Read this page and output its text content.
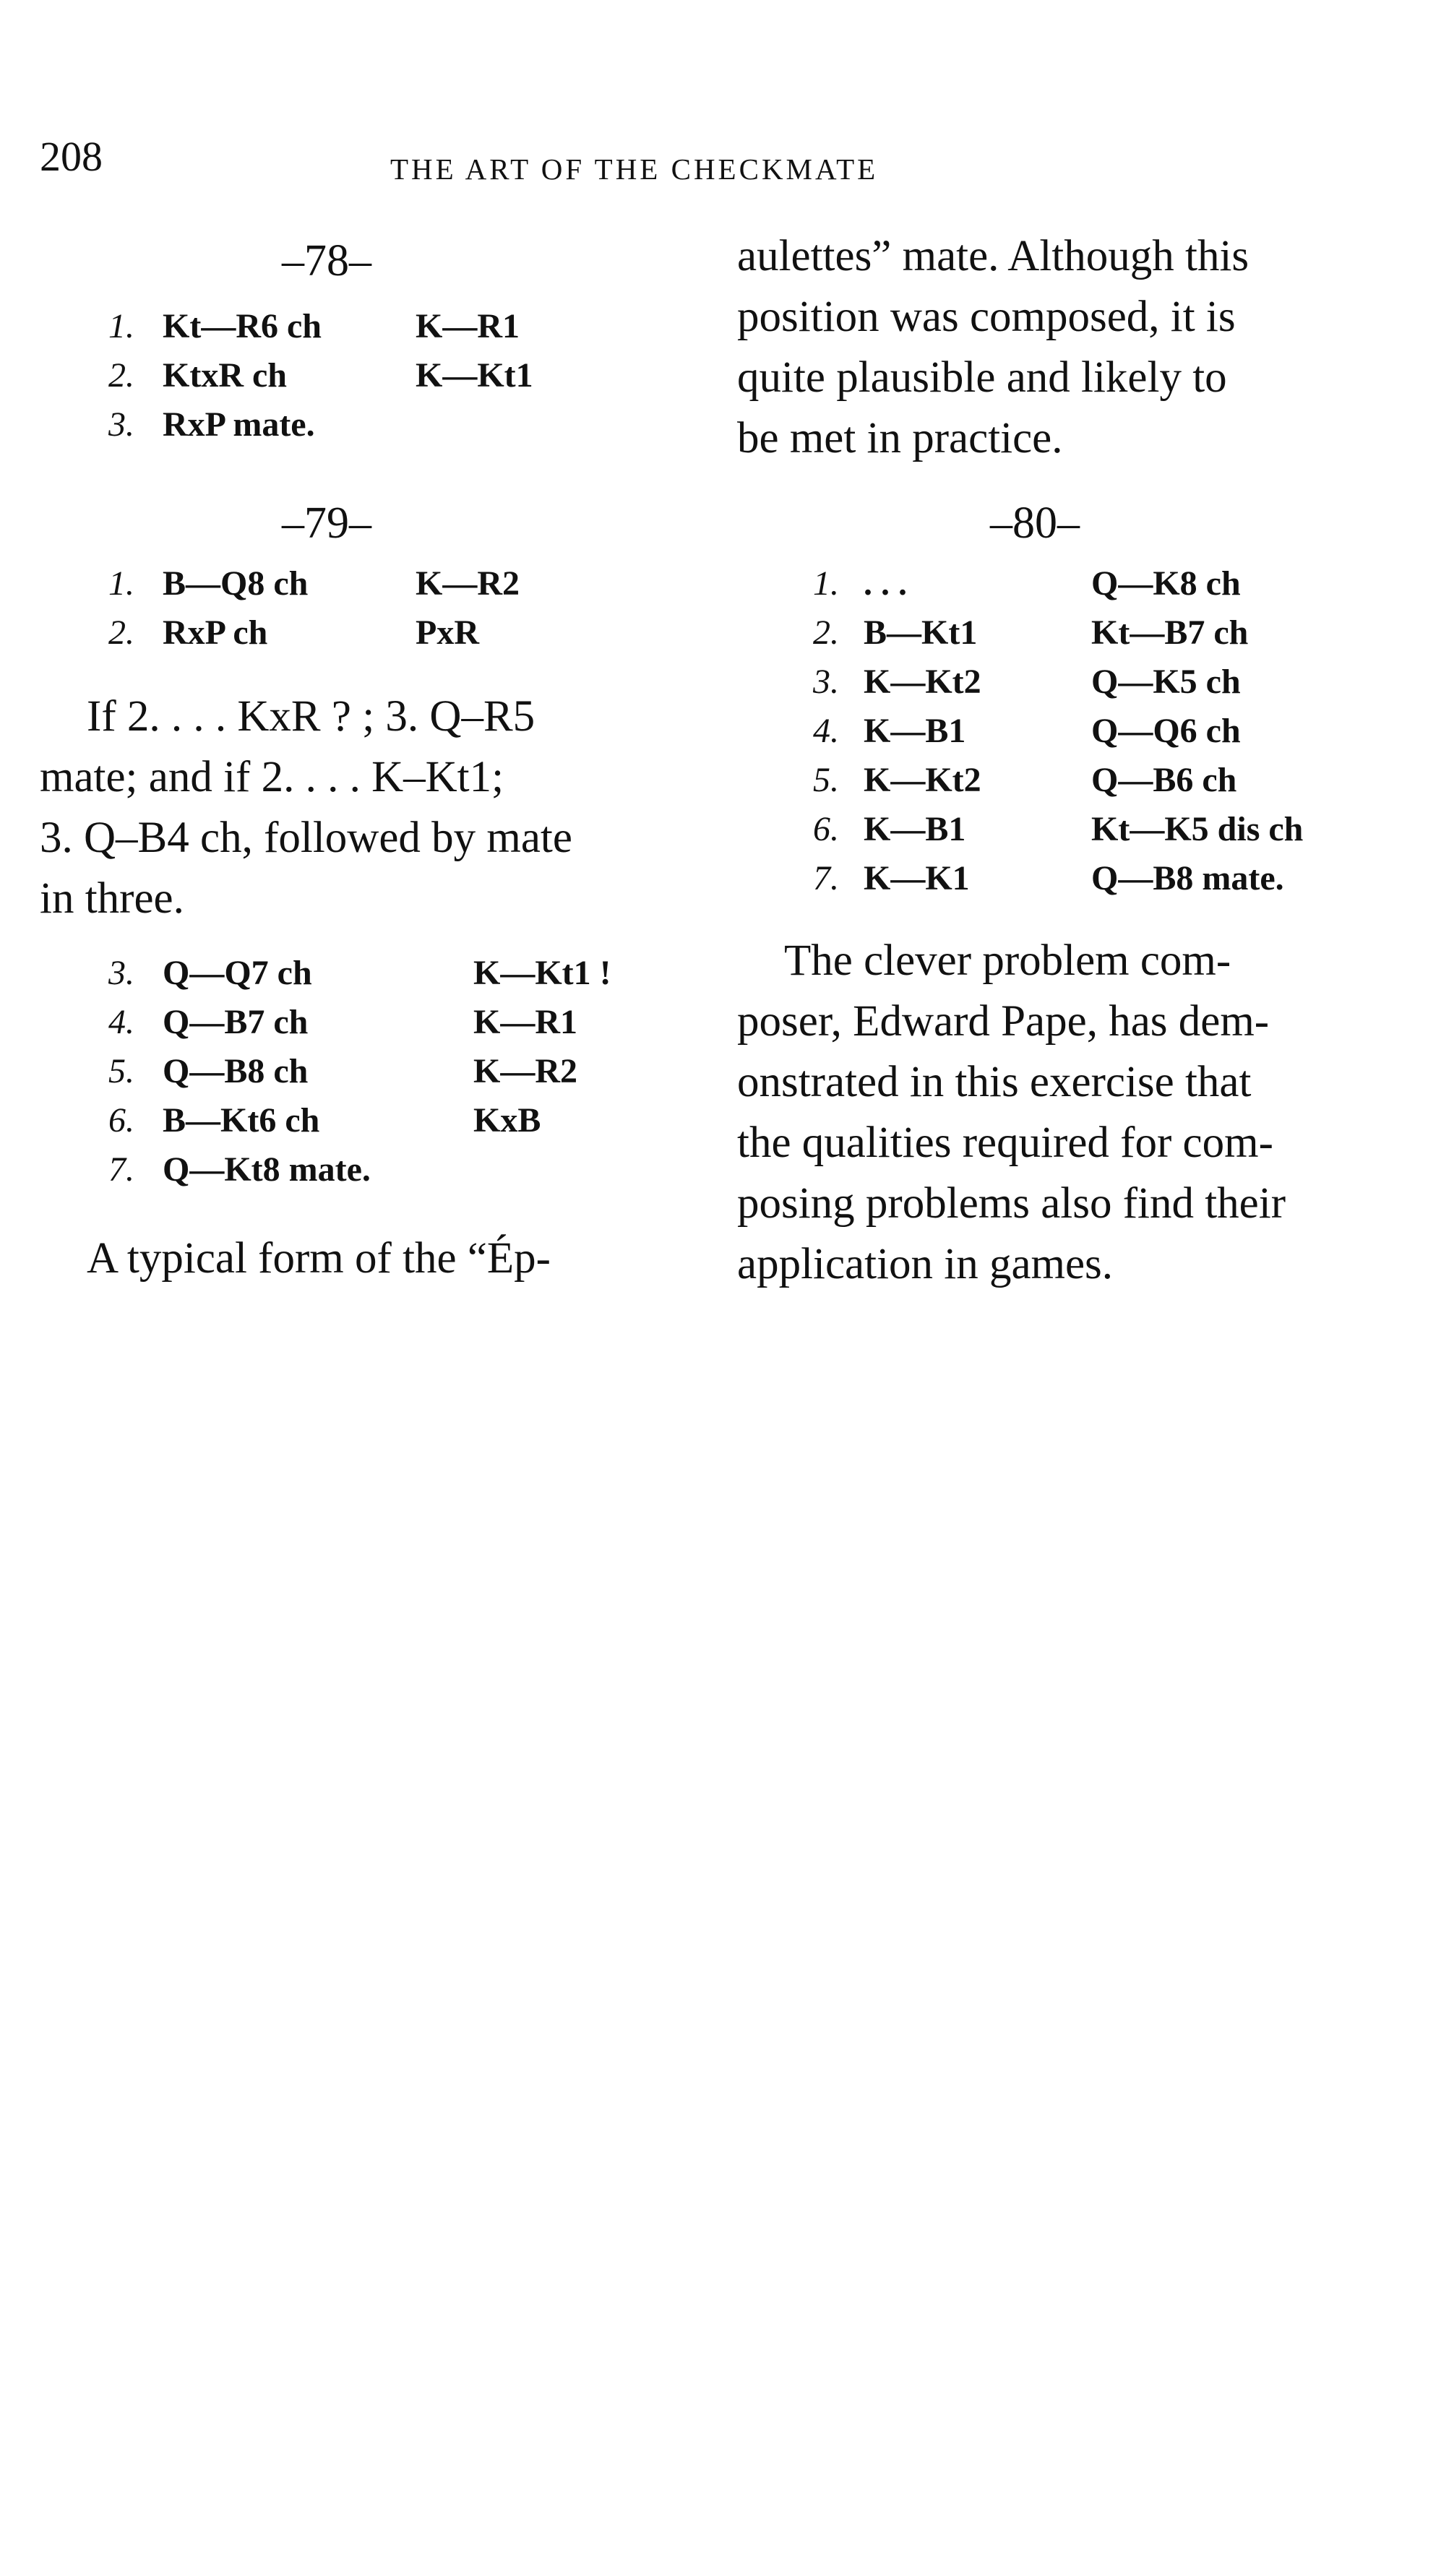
208	THE ART OF THE CHECKMATE
–78–
1. Kt—R6 ch	K—R1
2. KtxR ch	K—Kt1
3. RxP mate.
–79–
1. B—Q8 ch	K—R2
2. RxP ch	PxR
If 2. . . . KxR ? ; 3. Q–R5
mate; and if 2. . . . K–Kt1;
3. Q–B4 ch, followed by mate
in three.
3. Q—Q7 ch	K—Kt1 !
4. Q—B7 ch	K—R1
5. Q—B8 ch	K—R2
6. B—Kt6 ch	KxB
7. Q—Kt8 mate.
A typical form of the “Ép-
aulettes” mate. Although this
position was composed, it is
quite plausible and likely to
be met in practice.
–80–
1. . . .	Q—K8 ch
2. B—Kt1	Kt—B7 ch
3. K—Kt2	Q—K5 ch
4. K—B1	Q—Q6 ch
5. K—Kt2	Q—B6 ch
6. K—B1	Kt—K5 dis ch
7. K—K1	Q—B8 mate.
The clever problem com-
poser, Edward Pape, has dem-
onstrated in this exercise that
the qualities required for com-
posing problems also find their
application in games.
